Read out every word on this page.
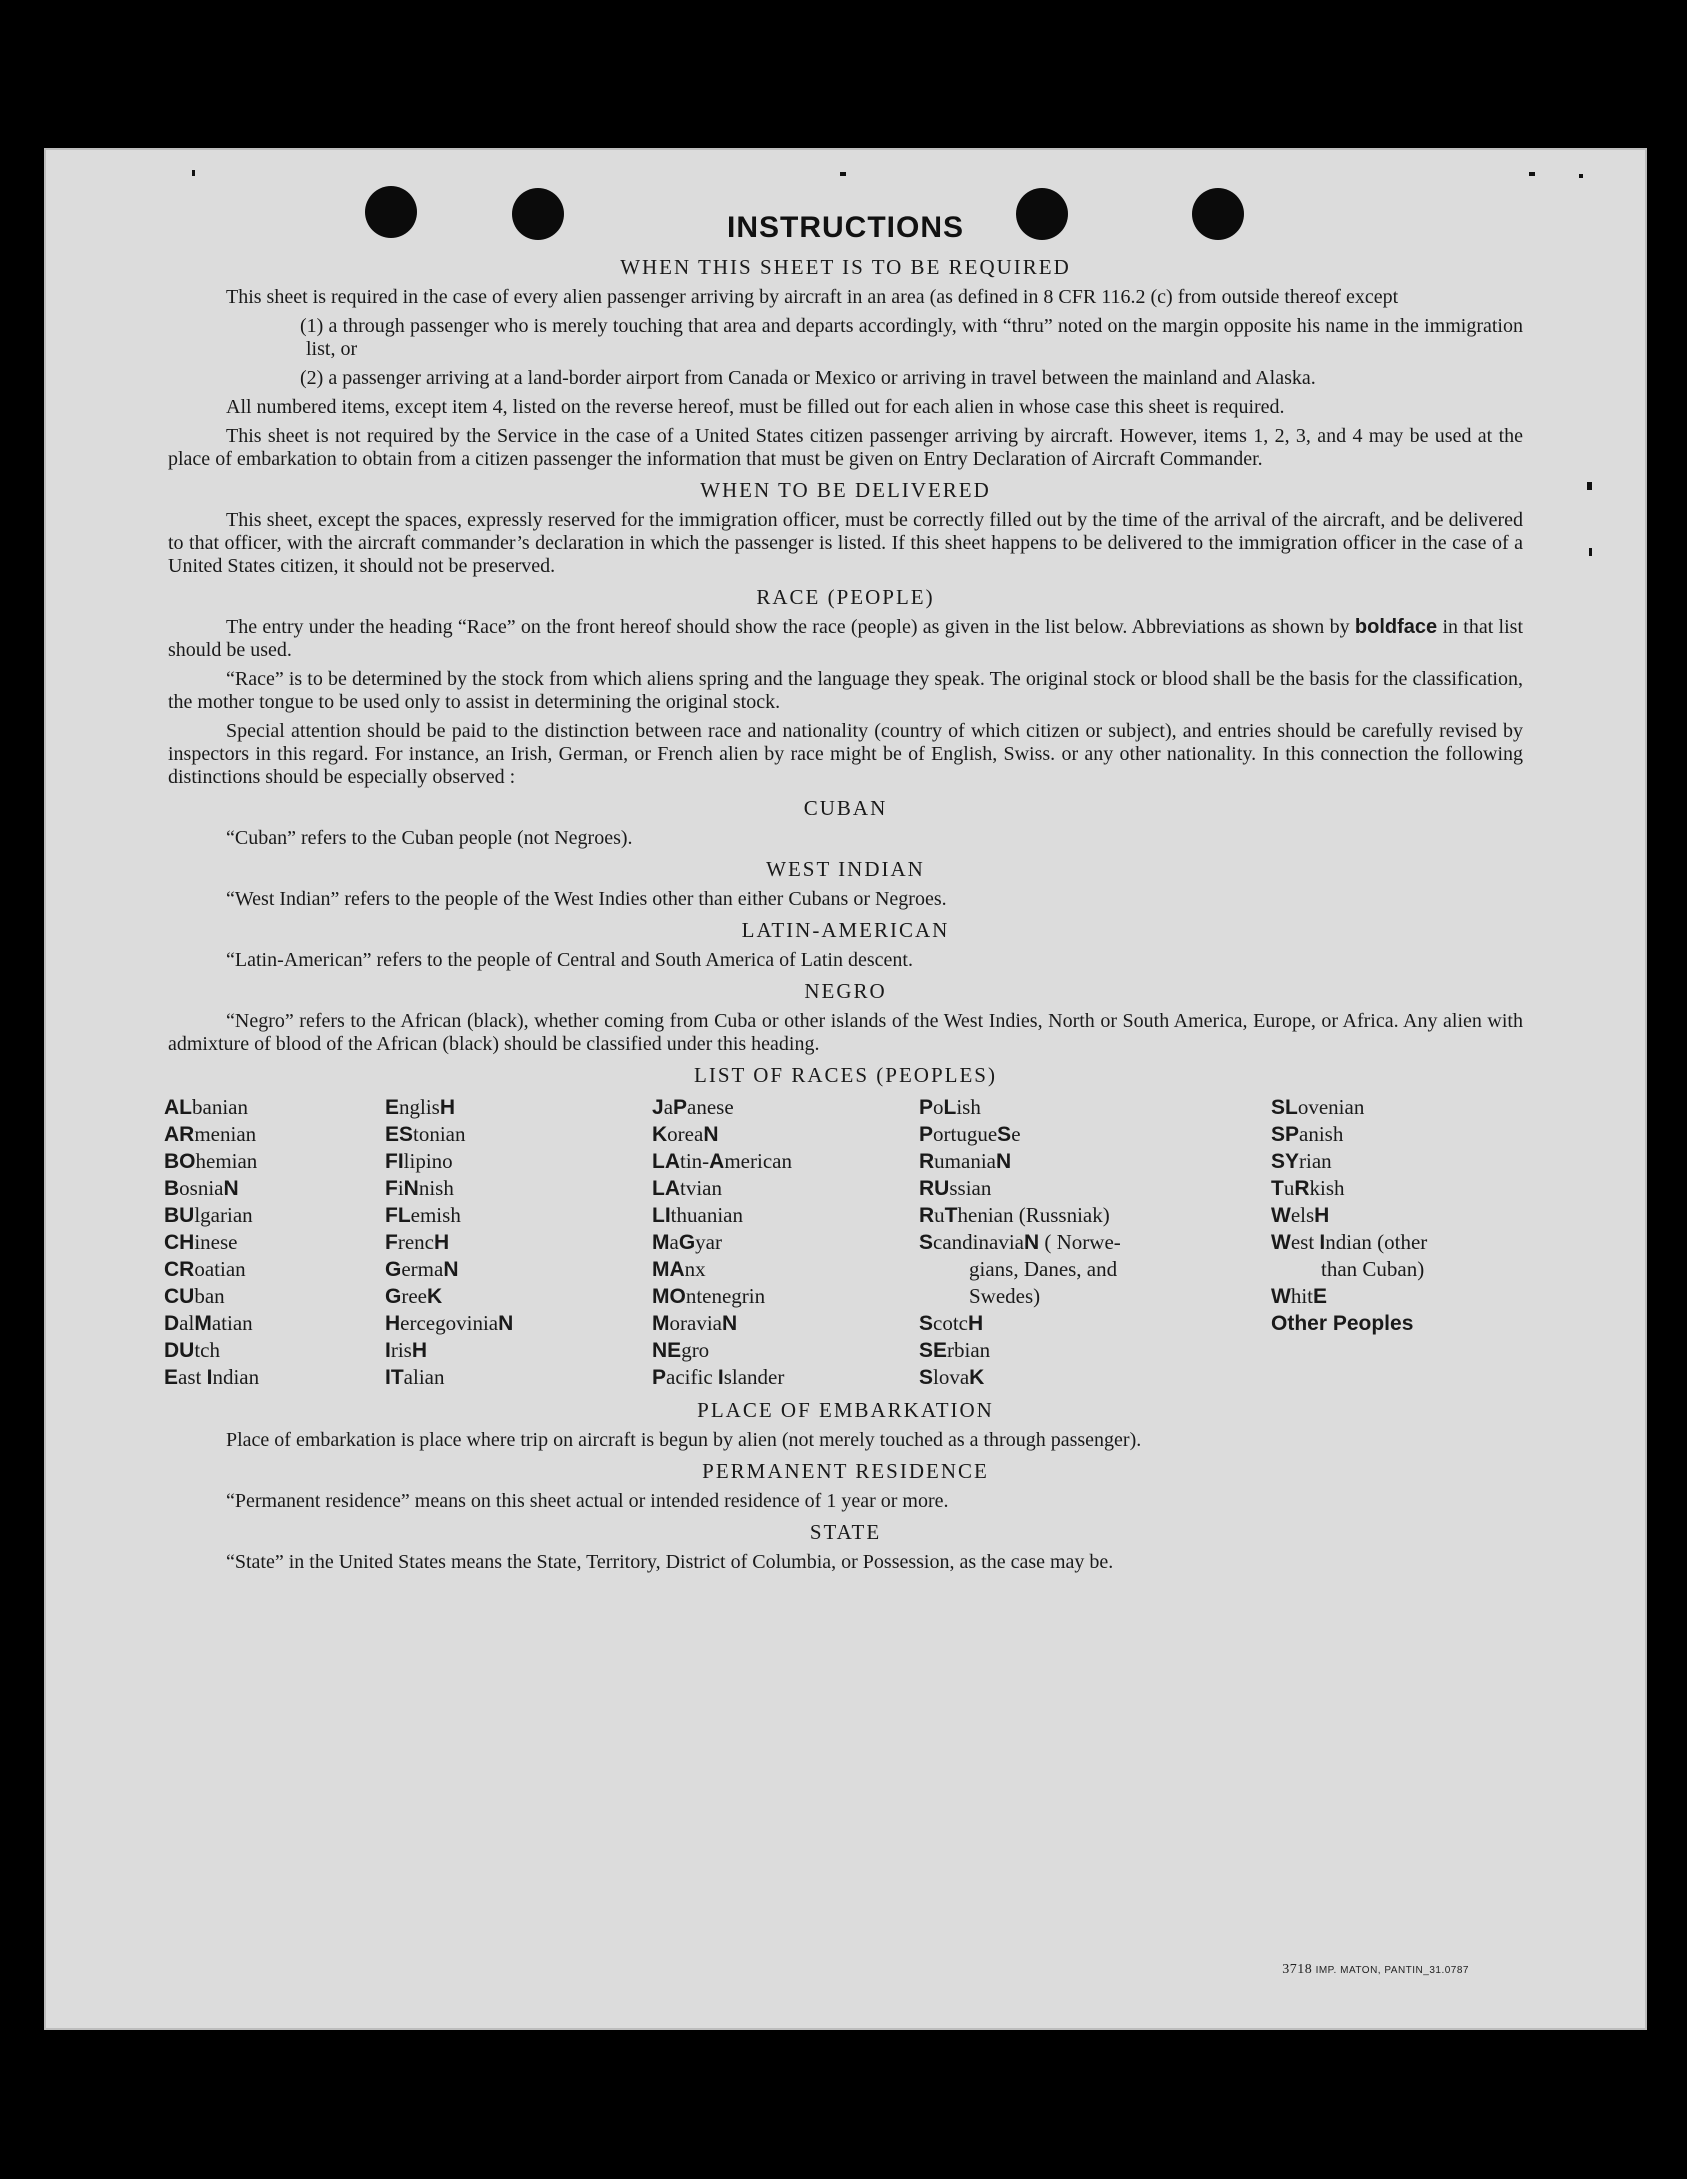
INSTRUCTIONS
WHEN THIS SHEET IS TO BE REQUIRED

This sheet is required in the case of every alien passenger arriving by aircraft in an area (as defined in 8 CFR 116.2 (c) from outside thereof except

(1) a through passenger who is merely touching that area and departs accordingly, with “thru” noted on the margin opposite his name in the immigration list, or

(2) a passenger arriving at a land-border airport from Canada or Mexico or arriving in travel between the mainland and Alaska.

All numbered items, except item 4, listed on the reverse hereof, must be filled out for each alien in whose case this sheet is required.

This sheet is not required by the Service in the case of a United States citizen passenger arriving by aircraft. However, items 1, 2, 3, and 4 may be used at the place of embarkation to obtain from a citizen passenger the information that must be given on Entry Declaration of Aircraft Commander.

WHEN TO BE DELIVERED

This sheet, except the spaces, expressly reserved for the immigration officer, must be correctly filled out by the time of the arrival of the aircraft, and be delivered to that officer, with the aircraft commander’s declaration in which the passenger is listed. If this sheet happens to be delivered to the immigration officer in the case of a United States citizen, it should not be preserved.

RACE (PEOPLE)

The entry under the heading “Race” on the front hereof should show the race (people) as given in the list below. Abbreviations as shown by boldface in that list should be used.

“Race” is to be determined by the stock from which aliens spring and the language they speak. The original stock or blood shall be the basis for the classification, the mother tongue to be used only to assist in determining the original stock.

Special attention should be paid to the distinction between race and nationality (country of which citizen or subject), and entries should be carefully revised by inspectors in this regard. For instance, an Irish, German, or French alien by race might be of English, Swiss. or any other nationality. In this connection the following distinctions should be especially observed :

CUBAN

“Cuban” refers to the Cuban people (not Negroes).

WEST INDIAN

“West Indian” refers to the people of the West Indies other than either Cubans or Negroes.

LATIN-AMERICAN

“Latin-American” refers to the people of Central and South America of Latin descent.

NEGRO

“Negro” refers to the African (black), whether coming from Cuba or other islands of the West Indies, North or South America, Europe, or Africa. Any alien with admixture of blood of the African (black) should be classified under this heading.

LIST OF RACES (PEOPLES)
ALbanian	EnglisH	JaPanese	PoLish	SLovenian
ARmenian	EStonian	KoreaN	PortugueSe	SPanish
BOhemian	FIlipino	LAtin-American	RumaniaN	SYrian
BosniaN	FiNnish	LAtvian	RUssian	TuRkish
BUlgarian	FLemish	LIthuanian	RuThenian (Russniak)	WelsH
CHinese	FrencH	MaGyar	ScandinaviaN ( Norwe-	West Indian (other
CRoatian	GermaN	MAnx	gians, Danes, and	than Cuban)
CUban	GreeK	MOntenegrin	Swedes)	WhitE
DalMatian	HercegoviniaN	MoraviaN	ScotcH	Other Peoples
DUtch	IrisH	NEgro	SErbian
East Indian	ITalian	Pacific Islander	SlovaK
PLACE OF EMBARKATION

Place of embarkation is place where trip on aircraft is begun by alien (not merely touched as a through passenger).

PERMANENT RESIDENCE

“Permanent residence” means on this sheet actual or intended residence of 1 year or more.

STATE

“State” in the United States means the State, Territory, District of Columbia, or Possession, as the case may be.

3718 IMP. MATON, PANTIN_31.0787
